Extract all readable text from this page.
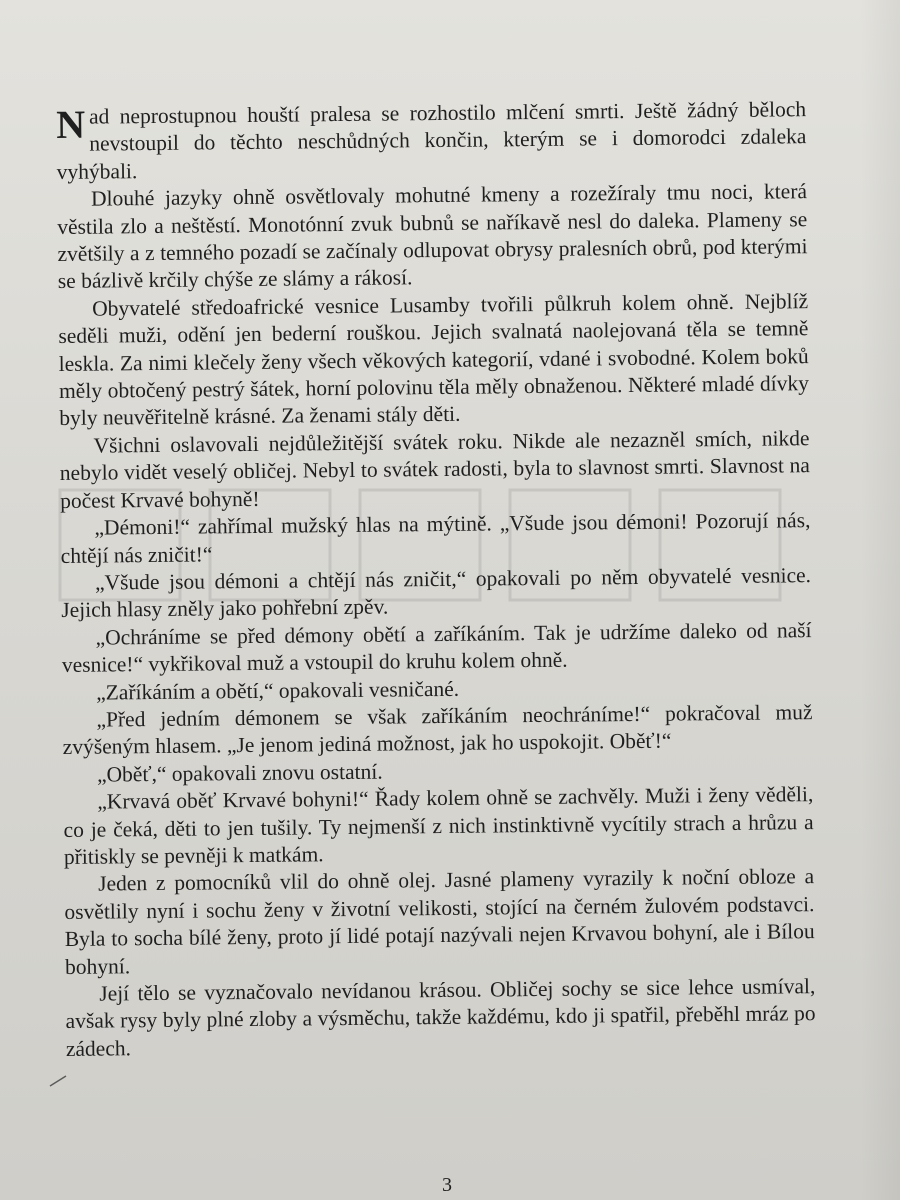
Nad neprostupnou houští pralesa se rozhostilo mlčení smrti. Ještě žádný běloch nevstoupil do těchto neschůdných končin, kterým se i domorodci zdaleka vyhýbali.

Dlouhé jazyky ohně osvětlovaly mohutné kmeny a rozežíraly tmu noci, která věstila zlo a neštěstí. Monotónní zvuk bubnů se naříkavě nesl do daleka. Plameny se zvětšily a z temného pozadí se začínaly odlupovat obrysy pralesních obrů, pod kterými se bázlivě krčily chýše ze slámy a rákosí.

Obyvatelé středoafrické vesnice Lusamby tvořili půlkruh kolem ohně. Nejblíž seděli muži, odění jen bederní rouškou. Jejich svalnatá naolejovaná těla se temně leskla. Za nimi klečely ženy všech věkových kategorií, vdané i svobodné. Kolem boků měly obtočený pestrý šátek, horní polovinu těla měly obnaženou. Některé mladé dívky byly neuvěřitelně krásné. Za ženami stály děti.

Všichni oslavovali nejdůležitější svátek roku. Nikde ale nezazněl smích, nikde nebylo vidět veselý obličej. Nebyl to svátek radosti, byla to slavnost smrti. Slavnost na počest Krvavé bohyně!

„Démoni!“ zahřímal mužský hlas na mýtině. „Všude jsou démoni! Pozorují nás, chtějí nás zničit!“

„Všude jsou démoni a chtějí nás zničit,“ opakovali po něm obyvatelé vesnice. Jejich hlasy zněly jako pohřební zpěv.

„Ochráníme se před démony obětí a zaříkáním. Tak je udržíme daleko od naší vesnice!“ vykřikoval muž a vstoupil do kruhu kolem ohně.

„Zaříkáním a obětí,“ opakovali vesničané.

„Před jedním démonem se však zaříkáním neochráníme!“ pokračoval muž zvýšeným hlasem. „Je jenom jediná možnost, jak ho uspokojit. Oběť!“

„Oběť,“ opakovali znovu ostatní.

„Krvavá oběť Krvavé bohyni!“ Řady kolem ohně se zachvěly. Muži i ženy věděli, co je čeká, děti to jen tušily. Ty nejmenší z nich instinktivně vycítily strach a hrůzu a přitiskly se pevněji k matkám.

Jeden z pomocníků vlil do ohně olej. Jasné plameny vyrazily k noční obloze a osvětlily nyní i sochu ženy v životní velikosti, stojící na černém žulovém podstavci. Byla to socha bílé ženy, proto jí lidé potají nazývali nejen Krvavou bohyní, ale i Bílou bohyní.

Její tělo se vyznačovalo nevídanou krásou. Obličej sochy se sice lehce usmíval, avšak rysy byly plné zloby a výsměchu, takže každému, kdo ji spatřil, přeběhl mráz po zádech.

3
